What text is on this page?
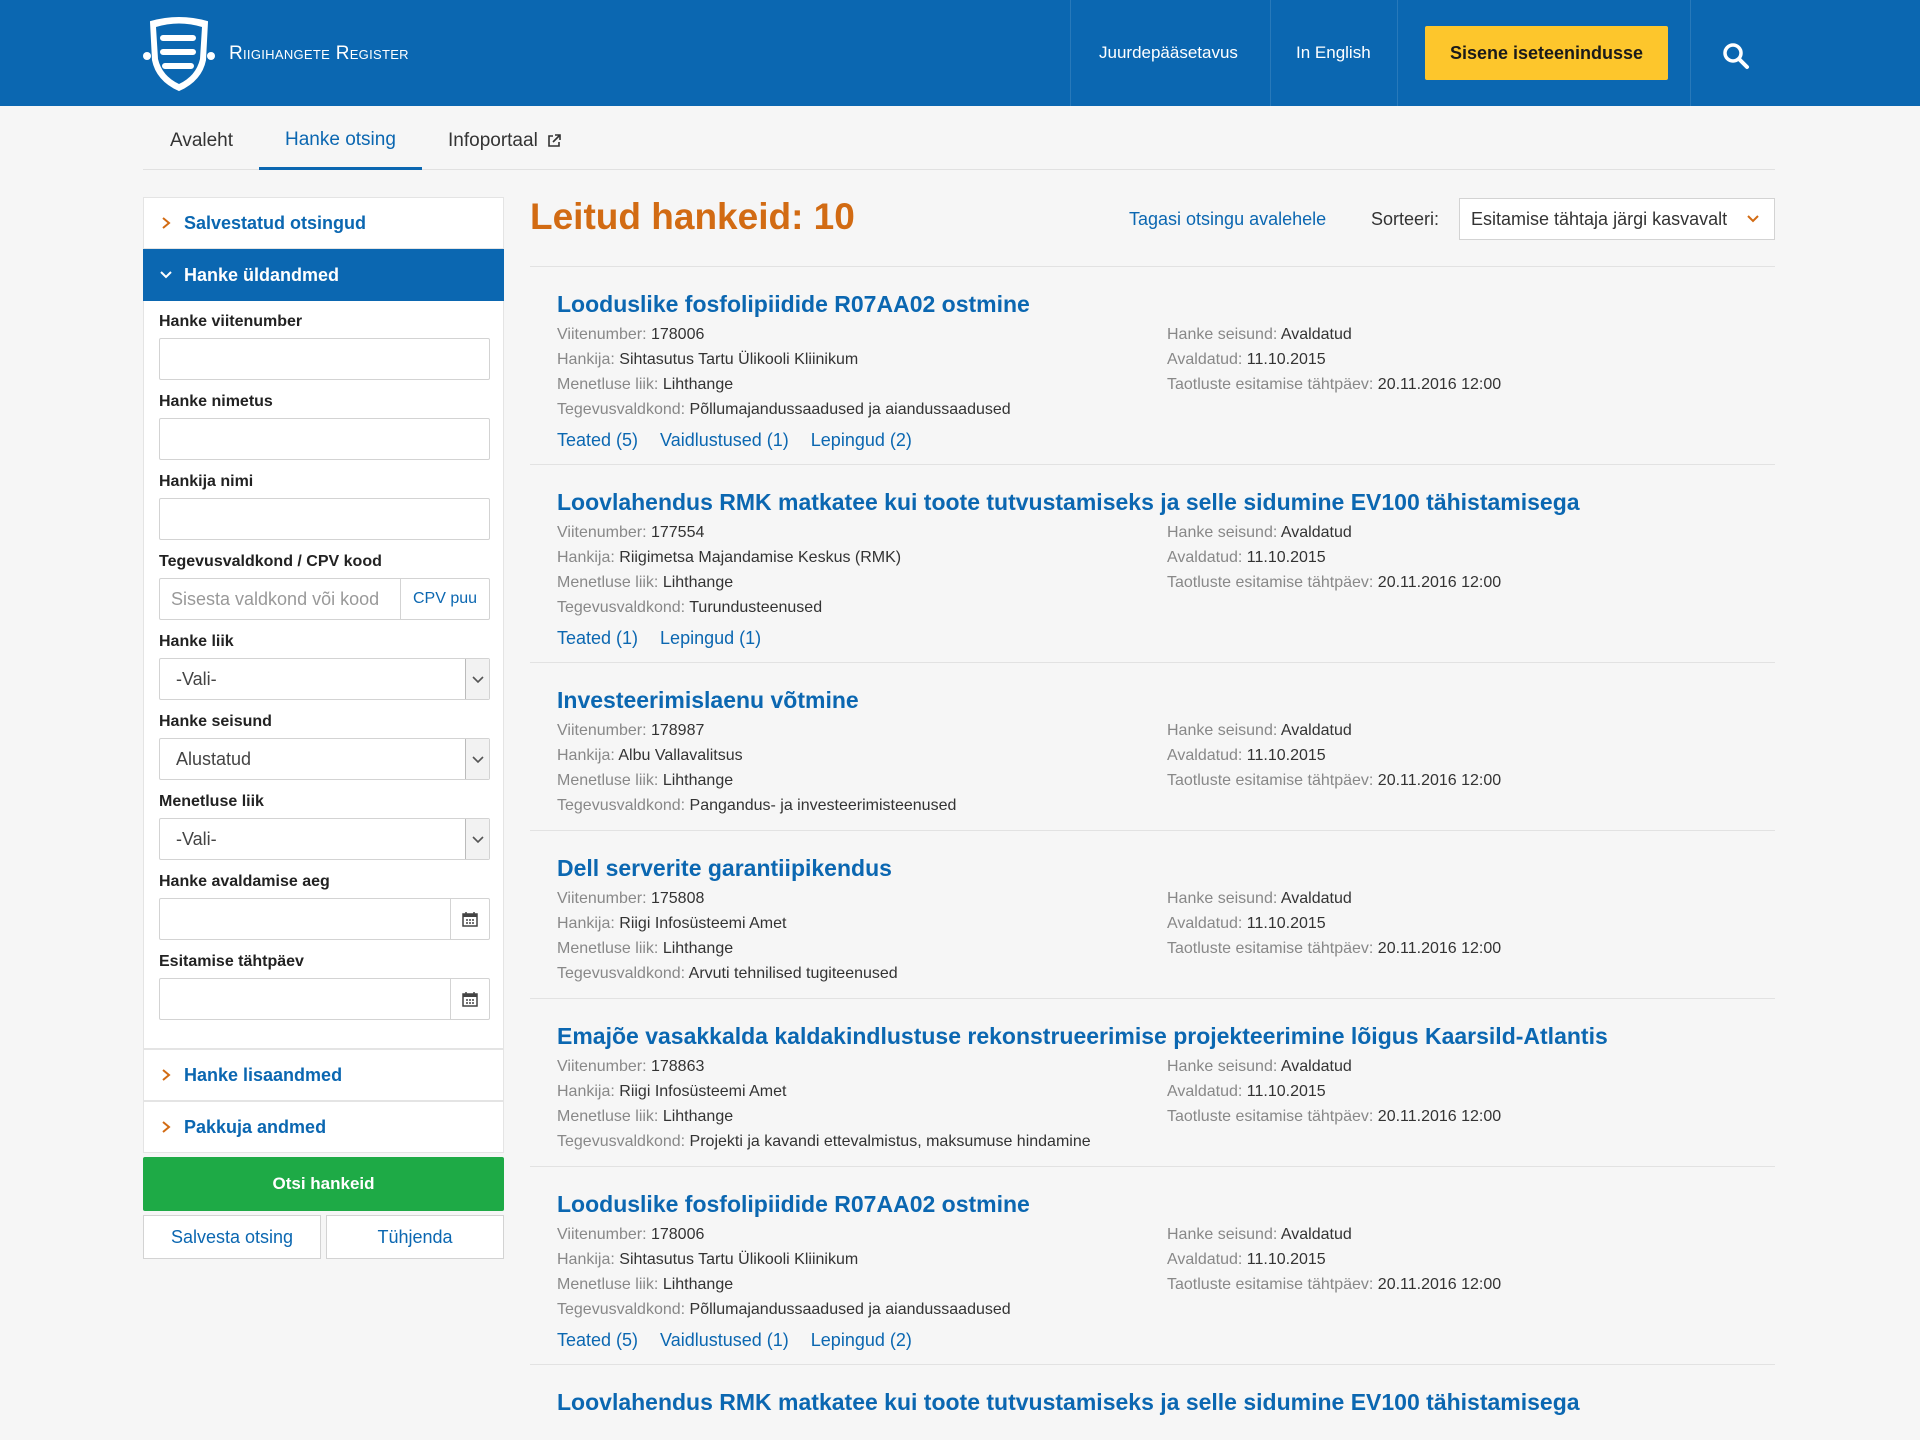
Riigihangete Register	Juurdepääsetavus	In English	Sisene iseteenindusse
Avaleht	Hanke otsing	Infoportaal
Salvestatud otsingud
Hanke üldandmed
Hanke viitenumber
Hanke nimetus
Hankija nimi
Tegevusvaldkond / CPV kood
Sisesta valdkond või kood	CPV puu
Hanke liik
-Vali-
Hanke seisund
Alustatud
Menetluse liik
-Vali-
Hanke avaldamise aeg
Esitamise tähtpäev
Hanke lisaandmed
Pakkuja andmed
Otsi hankeid
Salvesta otsing	Tühjenda
Leitud hankeid: 10	Tagasi otsingu avalehele Sorteeri: Esitamise tähtaja järgi kasvavalt
Looduslike fosfolipiidide R07AA02 ostmine
Viitenumber: 178006
Hankija: Sihtasutus Tartu Ülikooli Kliinikum
Menetluse liik: Lihthange
Tegevusvaldkond: Põllumajandussaadused ja aiandussaadused
Hanke seisund: Avaldatud
Avaldatud: 11.10.2015
Taotluste esitamise tähtpäev: 20.11.2016 12:00
Teated (5) Vaidlustused (1) Lepingud (2)
Loovlahendus RMK matkatee kui toote tutvustamiseks ja selle sidumine EV100 tähistamisega
Viitenumber: 177554
Hankija: Riigimetsa Majandamise Keskus (RMK)
Menetluse liik: Lihthange
Tegevusvaldkond: Turundusteenused
Hanke seisund: Avaldatud
Avaldatud: 11.10.2015
Taotluste esitamise tähtpäev: 20.11.2016 12:00
Teated (1) Lepingud (1)
Investeerimislaenu võtmine
Viitenumber: 178987
Hankija: Albu Vallavalitsus
Menetluse liik: Lihthange
Tegevusvaldkond: Pangandus- ja investeerimisteenused
Hanke seisund: Avaldatud
Avaldatud: 11.10.2015
Taotluste esitamise tähtpäev: 20.11.2016 12:00
Dell serverite garantiipikendus
Viitenumber: 175808
Hankija: Riigi Infosüsteemi Amet
Menetluse liik: Lihthange
Tegevusvaldkond: Arvuti tehnilised tugiteenused
Hanke seisund: Avaldatud
Avaldatud: 11.10.2015
Taotluste esitamise tähtpäev: 20.11.2016 12:00
Emajõe vasakkalda kaldakindlustuse rekonstrueerimise projekteerimine lõigus Kaarsild-Atlantis
Viitenumber: 178863
Hankija: Riigi Infosüsteemi Amet
Menetluse liik: Lihthange
Tegevusvaldkond: Projekti ja kavandi ettevalmistus, maksumuse hindamine
Hanke seisund: Avaldatud
Avaldatud: 11.10.2015
Taotluste esitamise tähtpäev: 20.11.2016 12:00
Looduslike fosfolipiidide R07AA02 ostmine
Viitenumber: 178006
Hankija: Sihtasutus Tartu Ülikooli Kliinikum
Menetluse liik: Lihthange
Tegevusvaldkond: Põllumajandussaadused ja aiandussaadused
Hanke seisund: Avaldatud
Avaldatud: 11.10.2015
Taotluste esitamise tähtpäev: 20.11.2016 12:00
Teated (5) Vaidlustused (1) Lepingud (2)
Loovlahendus RMK matkatee kui toote tutvustamiseks ja selle sidumine EV100 tähistamisega
